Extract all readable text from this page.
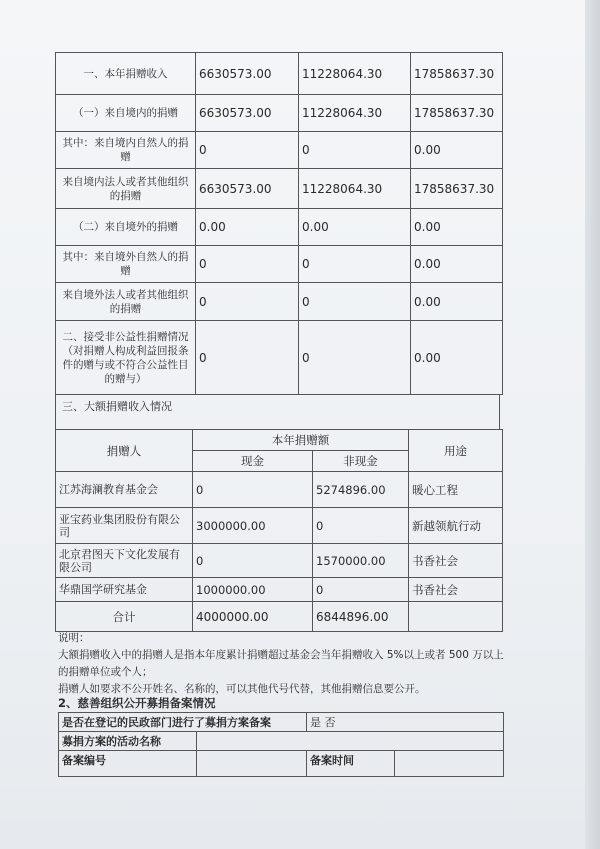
一、本年捐赠收入	6630573.00	11228064.30	17858637.30
（一）来自境内的捐赠	6630573.00	11228064.30	17858637.30
其中：来自境内自然人的捐赠	0	0	0.00
来自境内法人或者其他组织的捐赠	6630573.00	11228064.30	17858637.30
（二）来自境外的捐赠	0.00	0.00	0.00
其中：来自境外自然人的捐赠	0	0	0.00
来自境外法人或者其他组织的捐赠	0	0	0.00
二、接受非公益性捐赠情况（对捐赠人构成利益回报条件的赠与或不符合公益性目的赠与）	0	0	0.00
三、大额捐赠收入情况
捐赠人	本年捐赠额		用途
	现金	非现金	
江苏海澜教育基金会	0	5274896.00	暖心工程
亚宝药业集团股份有限公司	3000000.00	0	新越领航行动
北京君图天下文化发展有限公司	0	1570000.00	书香社会
华鼎国学研究基金	1000000.00	0	书香社会
合计	4000000.00	6844896.00	

说明：

大额捐赠收入中的捐赠人是指本年度累计捐赠超过基金会当年捐赠收入 5%以上或者 500 万以上的捐赠单位或个人；

捐赠人如要求不公开姓名、名称的，可以其他代号代替，其他捐赠信息要公开。

2、慈善组织公开募捐备案情况
是否在登记的民政部门进行了募捐方案备案		是 否	
募捐方案的活动名称			
备案编号		备案时间	
